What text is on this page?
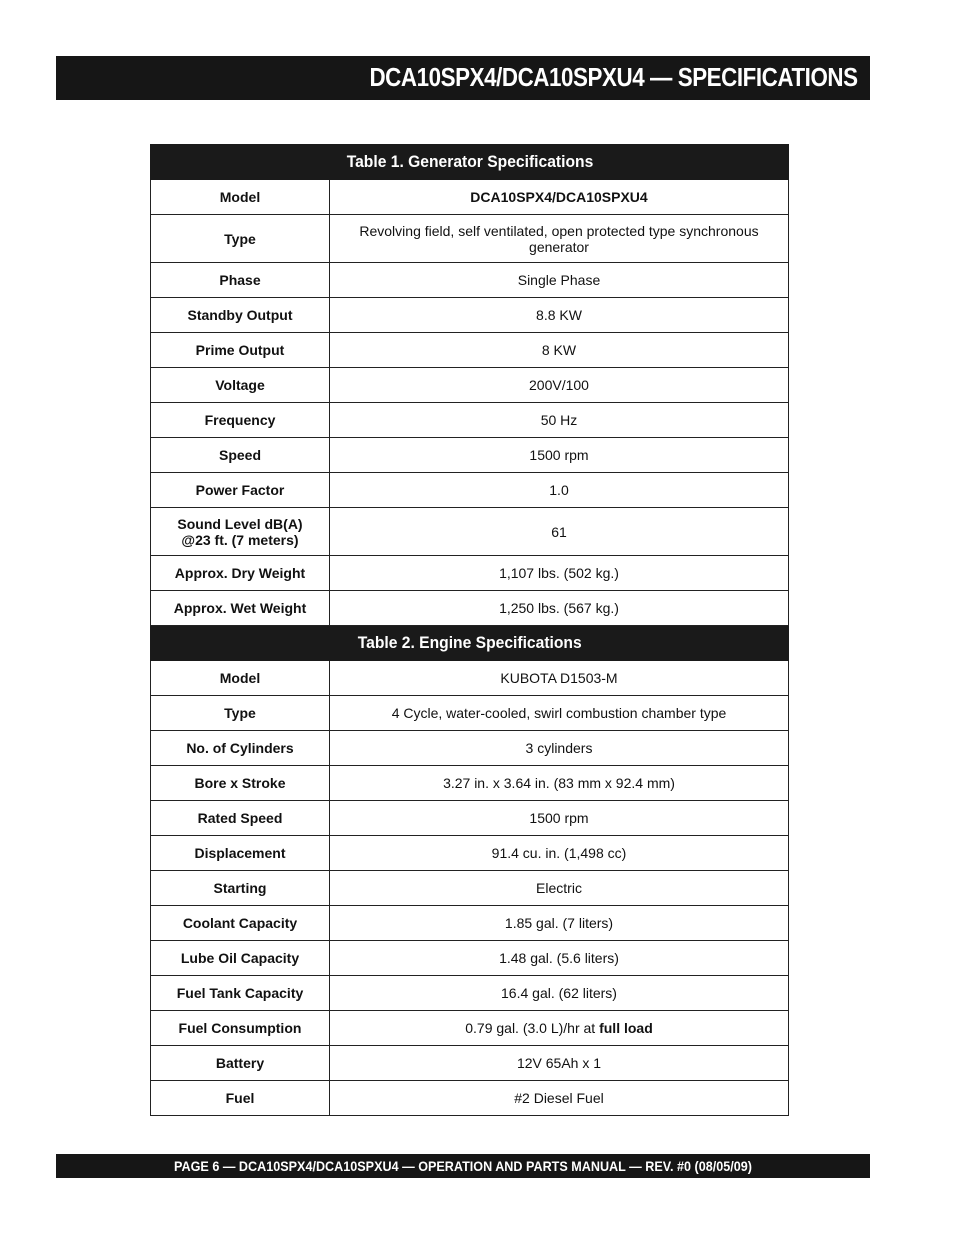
DCA10SPX4/DCA10SPXU4 — SPECIFICATIONS
Table 1. Generator Specifications	
Model	DCA10SPX4/DCA10SPXU4
Type	Revolving field, self ventilated, open protected type synchronous generator
Phase	Single Phase
Standby Output	8.8 KW
Prime Output	8 KW
Voltage	200V/100
Frequency	50 Hz
Speed	1500 rpm
Power Factor	1.0
Sound Level dB(A) @23 ft. (7 meters)	61
Approx. Dry Weight	1,107 lbs. (502 kg.)
Approx. Wet Weight	1,250 lbs. (567 kg.)
Table 2. Engine Specifications	
Model	KUBOTA D1503-M
Type	4 Cycle, water-cooled, swirl combustion chamber type
No. of Cylinders	3 cylinders
Bore x Stroke	3.27 in. x 3.64 in. (83 mm x 92.4 mm)
Rated Speed	1500 rpm
Displacement	91.4 cu. in. (1,498 cc)
Starting	Electric
Coolant Capacity	1.85 gal. (7 liters)
Lube Oil Capacity	1.48 gal. (5.6 liters)
Fuel Tank Capacity	16.4 gal. (62 liters)
Fuel Consumption	0.79 gal. (3.0 L)/hr at full load
Battery	12V 65Ah x 1
Fuel	#2 Diesel Fuel
PAGE 6 — DCA10SPX4/DCA10SPXU4 — OPERATION AND PARTS MANUAL — REV. #0 (08/05/09)
